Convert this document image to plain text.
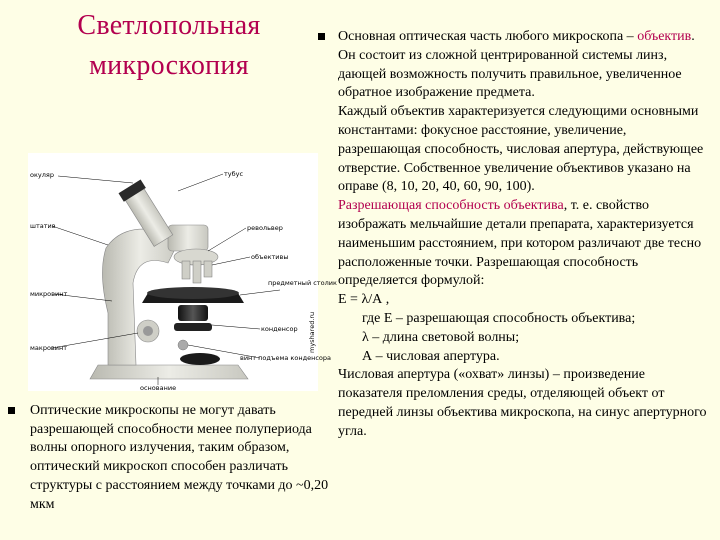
Светлопольная
микроскопия
окуляр	тубус
штатив	револьвер
объективы
микровинт
предметный столик
конденсор
макровинт
винт подъема конденсора
основание
myshared.ru
Оптические микроскопы не могут давать разрешающей способности менее полупериода волны опорного излучения, таким образом, оптический микроскоп способен различать структуры с расстоянием между точками до ~0,20 мкм

Основная оптическая часть любого микроскопа – объектив. Он состоит из сложной центрированной системы линз, дающей возможность получить правильное, увеличенное обратное изображение предмета.

Каждый объектив характеризуется следующими основными константами: фокусное расстояние, увеличение, разрешающая способность, числовая апертура, действующее отверстие. Собственное увеличение объективов указано на оправе (8, 10, 20, 40, 60, 90, 100).

Разрешающая способность объектива, т. е. свойство изображать мельчайшие детали препарата, характеризуется наименьшим расстоянием, при котором различают две тесно расположенные точки. Разрешающая способность определяется формулой:

Е = λ/А ,

где Е – разрешающая способность объектива;

λ – длина световой волны;

А – числовая апертура.

Числовая апертура («охват» линзы) – произведение показателя преломления среды, отделяющей объект от передней линзы объектива микроскопа, на синус апертурного угла.
